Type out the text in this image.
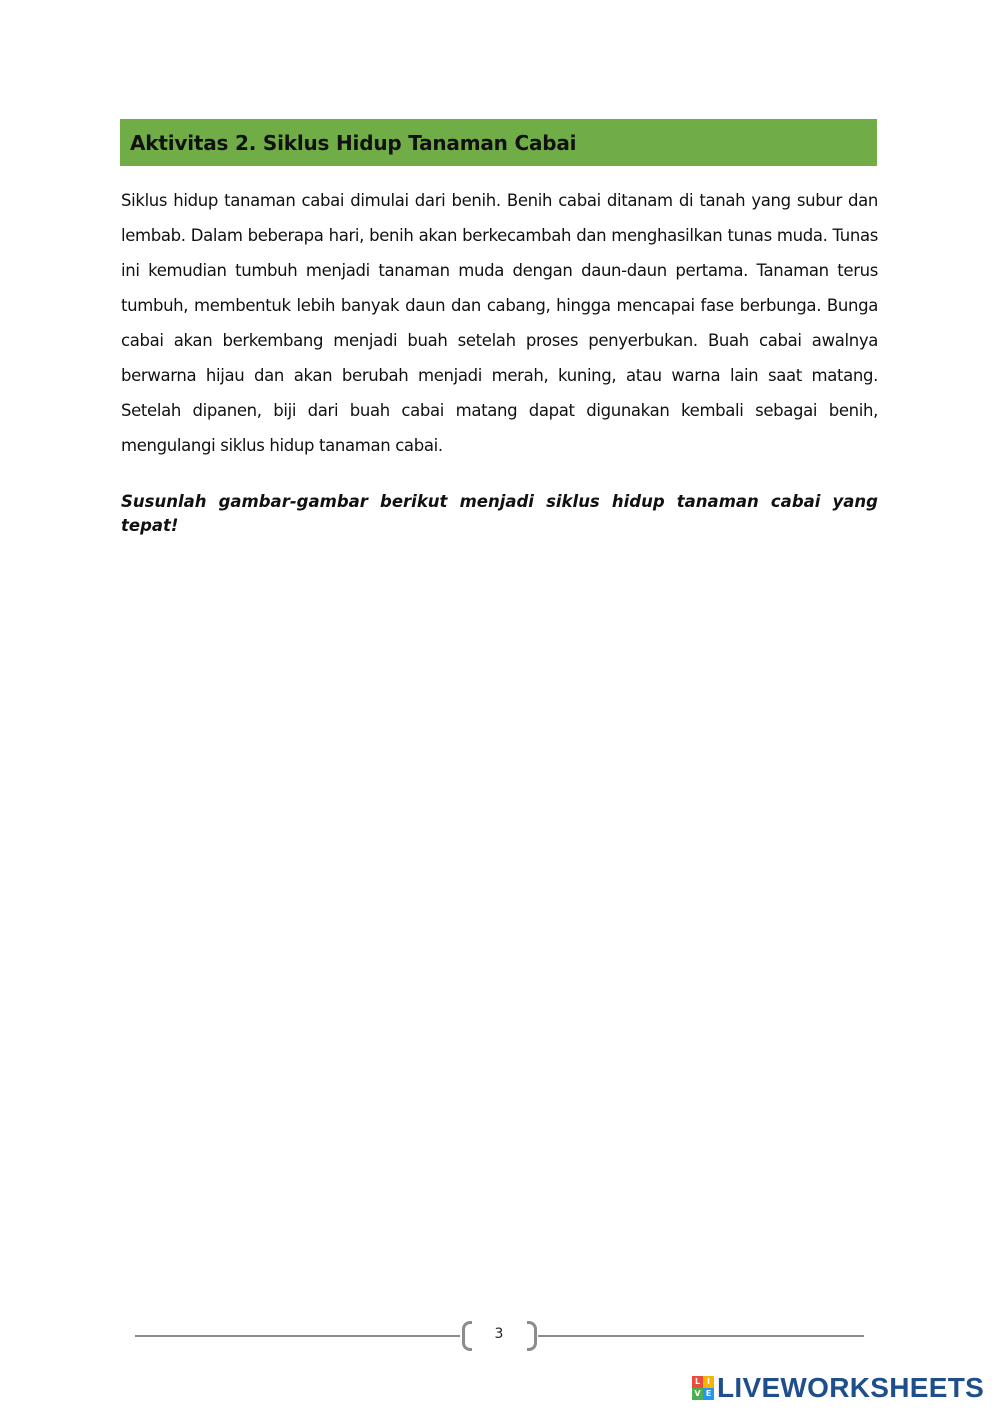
Aktivitas 2. Siklus Hidup Tanaman Cabai

Siklus hidup tanaman cabai dimulai dari benih. Benih cabai ditanam di tanah yang subur dan lembab. Dalam beberapa hari, benih akan berkecambah dan menghasilkan tunas muda. Tunas ini kemudian tumbuh menjadi tanaman muda dengan daun-daun pertama. Tanaman terus tumbuh, membentuk lebih banyak daun dan cabang, hingga mencapai fase berbunga. Bunga cabai akan berkembang menjadi buah setelah proses penyerbukan. Buah cabai awalnya berwarna hijau dan akan berubah menjadi merah, kuning, atau warna lain saat matang. Setelah dipanen, biji dari buah cabai matang dapat digunakan kembali sebagai benih, mengulangi siklus hidup tanaman cabai.

Susunlah gambar-gambar berikut menjadi siklus hidup tanaman cabai yang tepat!

3
L I
V E LIVEWORKSHEETS
